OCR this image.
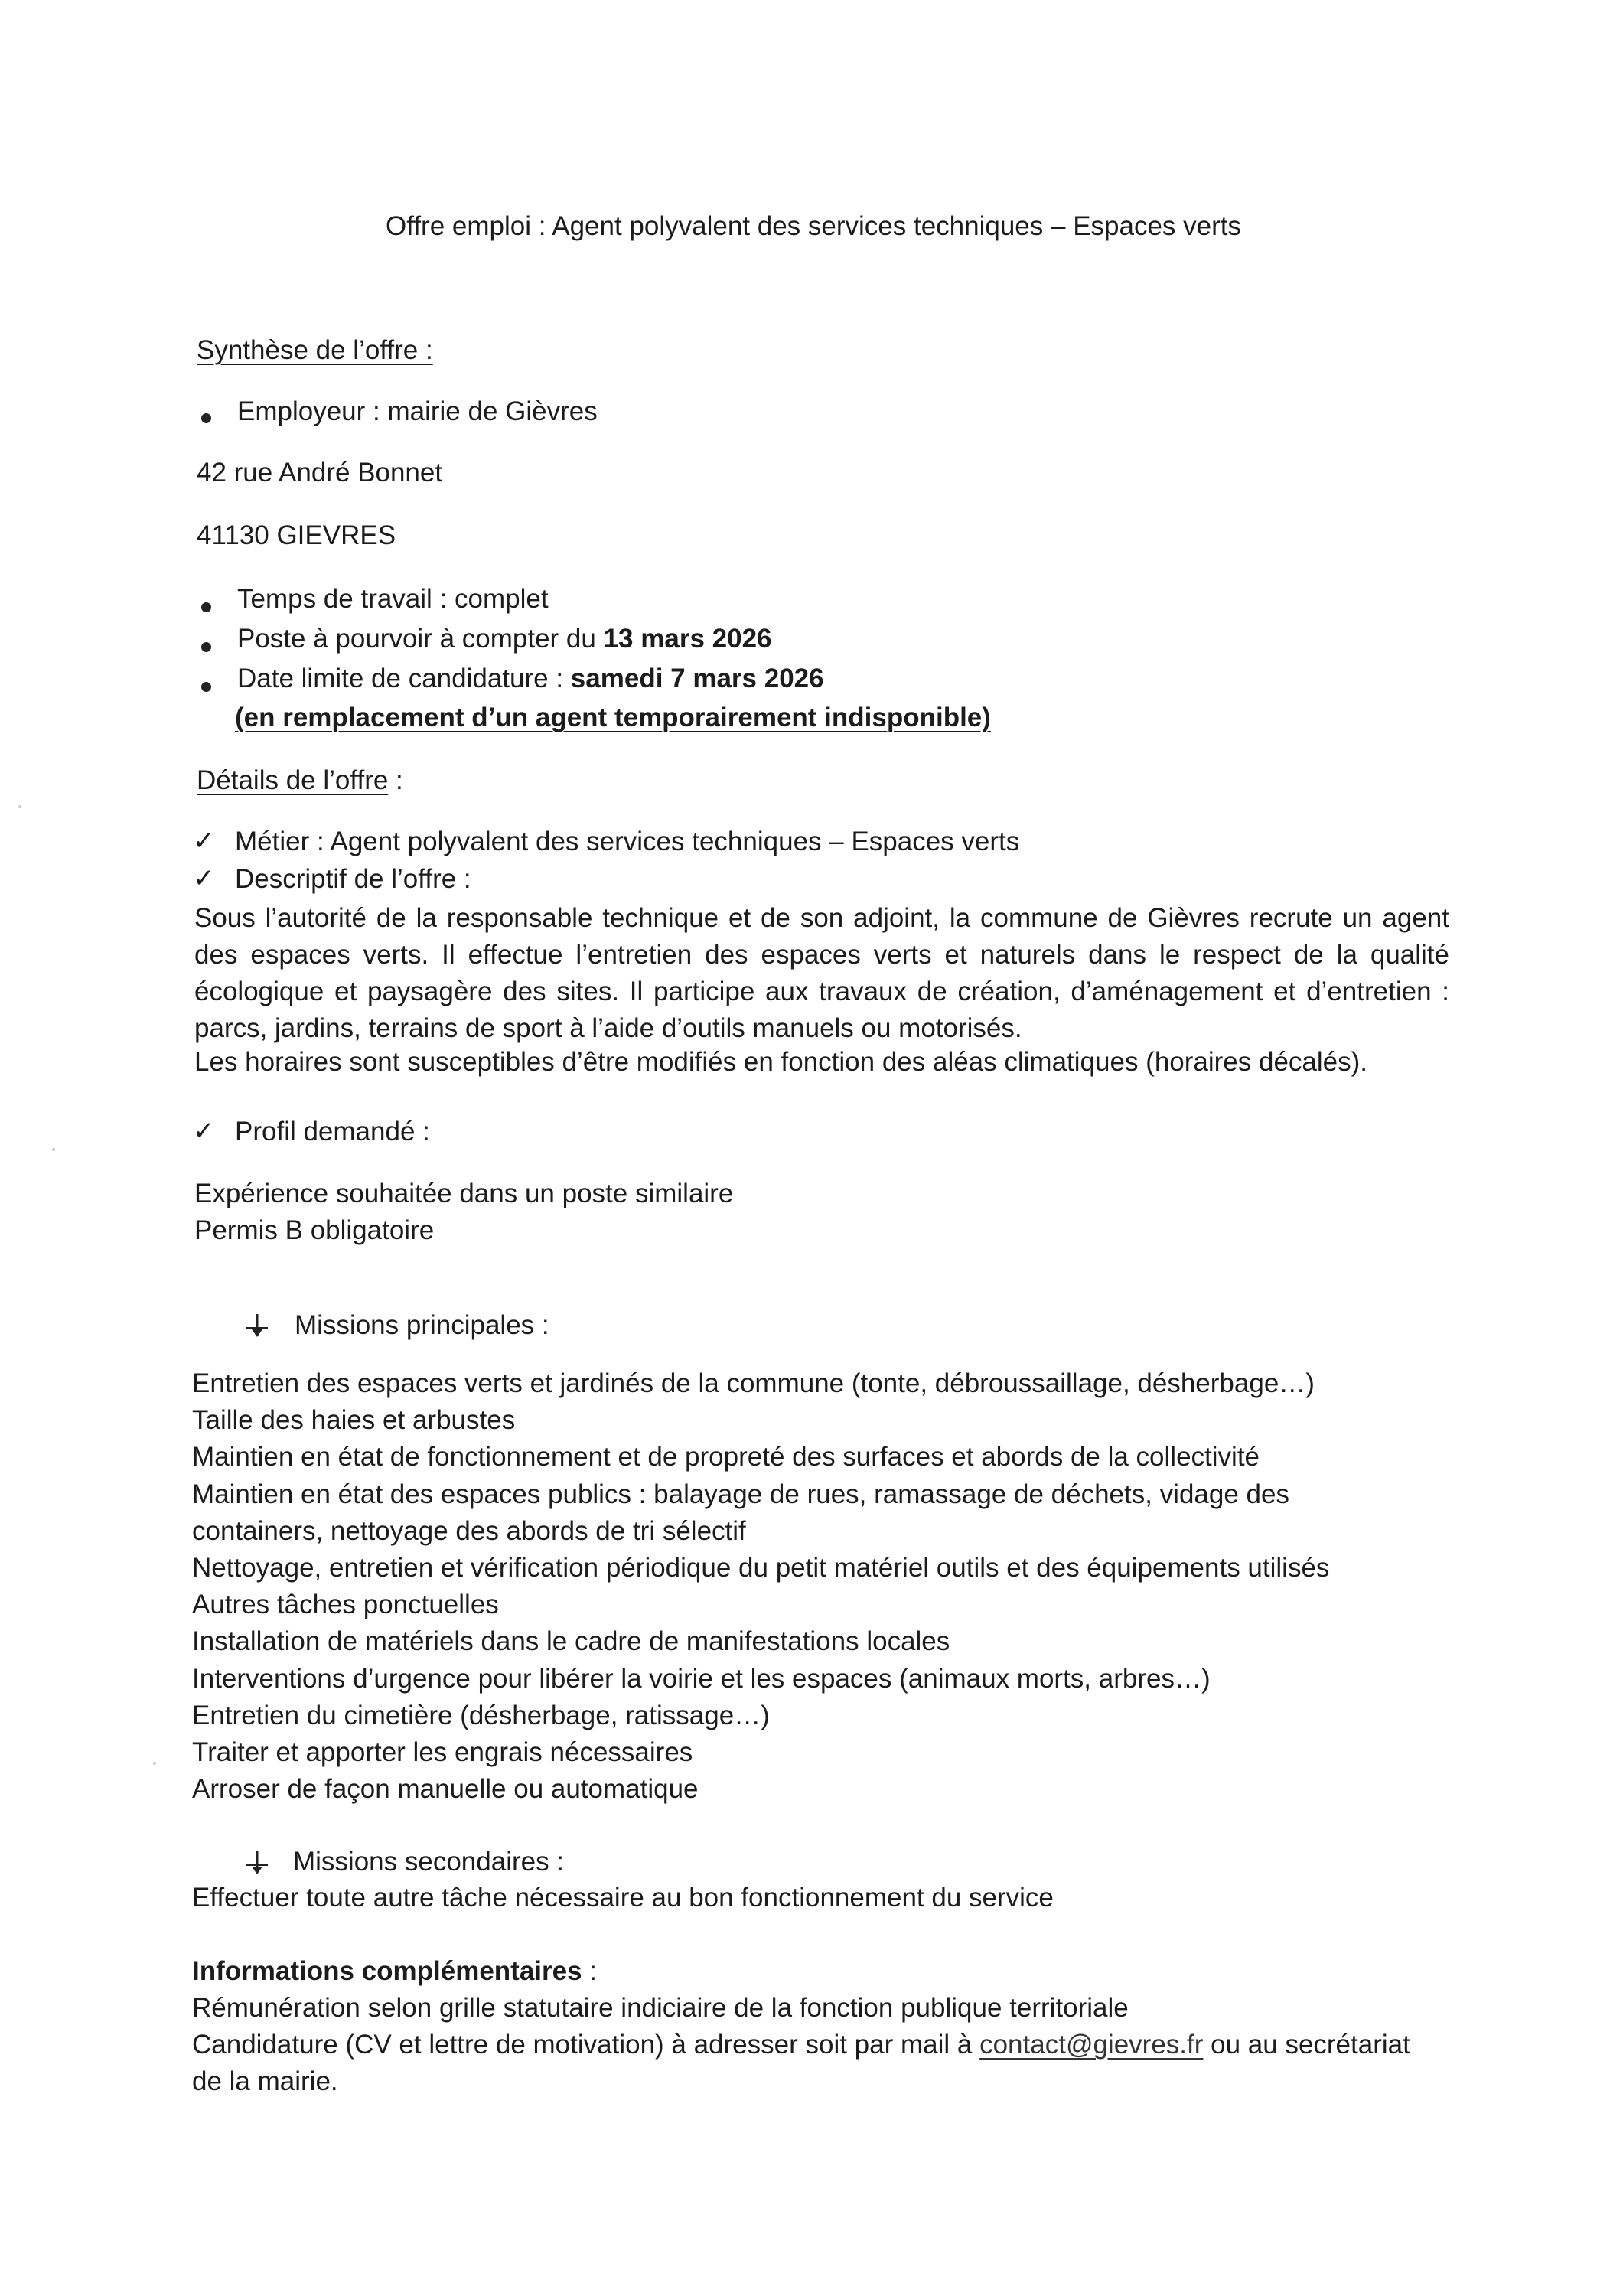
Offre emploi : Agent polyvalent des services techniques – Espaces verts
Synthèse de l’offre :
Employeur : mairie de Gièvres
42 rue André Bonnet
41130 GIEVRES
Temps de travail : complet
Poste à pourvoir à compter du 13 mars 2026
Date limite de candidature : samedi 7 mars 2026
(en remplacement d’un agent temporairement indisponible)
Détails de l’offre :
✓ Métier : Agent polyvalent des services techniques – Espaces verts
✓ Descriptif de l’offre :
Sous l’autorité de la responsable technique et de son adjoint, la commune de Gièvres recrute un agent des espaces verts. Il effectue l’entretien des espaces verts et naturels dans le respect de la qualité écologique et paysagère des sites. Il participe aux travaux de création, d’aménagement et d’entretien : parcs, jardins, terrains de sport à l’aide d’outils manuels ou motorisés.
Les horaires sont susceptibles d’être modifiés en fonction des aléas climatiques (horaires décalés).
✓ Profil demandé :
Expérience souhaitée dans un poste similaire
Permis B obligatoire
Missions principales :
Entretien des espaces verts et jardinés de la commune (tonte, débroussaillage, désherbage…)
Taille des haies et arbustes
Maintien en état de fonctionnement et de propreté des surfaces et abords de la collectivité
Maintien en état des espaces publics : balayage de rues, ramassage de déchets, vidage des
containers, nettoyage des abords de tri sélectif
Nettoyage, entretien et vérification périodique du petit matériel outils et des équipements utilisés
Autres tâches ponctuelles
Installation de matériels dans le cadre de manifestations locales
Interventions d’urgence pour libérer la voirie et les espaces (animaux morts, arbres…)
Entretien du cimetière (désherbage, ratissage…)
Traiter et apporter les engrais nécessaires
Arroser de façon manuelle ou automatique
Missions secondaires :
Effectuer toute autre tâche nécessaire au bon fonctionnement du service
Informations complémentaires :
Rémunération selon grille statutaire indiciaire de la fonction publique territoriale
Candidature (CV et lettre de motivation) à adresser soit par mail à contact@gievres.fr ou au secrétariat
de la mairie.
